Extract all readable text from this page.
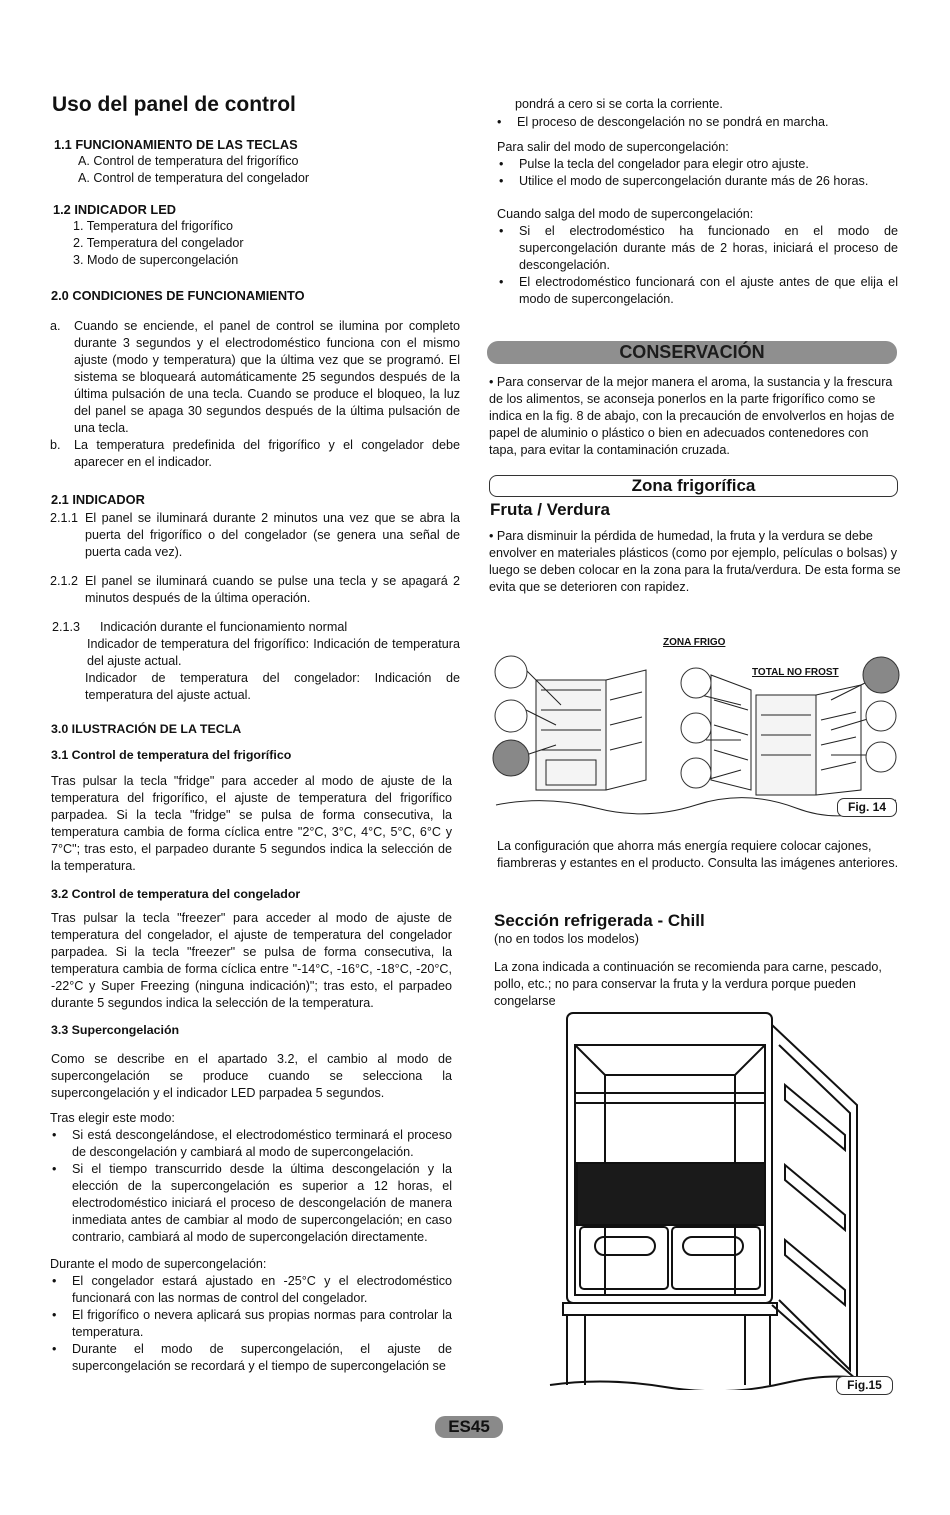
Uso del panel de control
1.1 FUNCIONAMIENTO DE LAS TECLAS
A. Control de temperatura del frigorífico
A. Control de temperatura del congelador
1.2 INDICADOR LED
1. Temperatura del frigorífico
2. Temperatura del congelador
3. Modo de supercongelación
2.0 CONDICIONES DE FUNCIONAMIENTO
a. Cuando se enciende, el panel de control se ilumina por completo durante 3 segundos y el electrodoméstico funciona con el mismo ajuste (modo y temperatura) que la última vez que se programó. El sistema se bloqueará automáticamente 25 segundos después de la última pulsación de una tecla. Cuando se produce el bloqueo, la luz del panel se apaga 30 segundos después de la última pulsación de una tecla.
b. La temperatura predefinida del frigorífico y el congelador debe aparecer en el indicador.
2.1 INDICADOR
2.1.1 El panel se iluminará durante 2 minutos una vez que se abra la puerta del frigorífico o del congelador (se genera una señal de puerta cada vez).
2.1.2 El panel se iluminará cuando se pulse una tecla y se apagará 2 minutos después de la última operación.
2.1.3 Indicación durante el funcionamiento normal
Indicador de temperatura del frigorífico: Indicación de temperatura del ajuste actual.
Indicador de temperatura del congelador: Indicación de temperatura del ajuste actual.
3.0 ILUSTRACIÓN DE LA TECLA
3.1 Control de temperatura del frigorífico
Tras pulsar la tecla "fridge" para acceder al modo de ajuste de la temperatura del frigorífico, el ajuste de temperatura del frigorífico parpadea. Si la tecla "fridge" se pulsa de forma consecutiva, la temperatura cambia de forma cíclica entre "2°C, 3°C, 4°C, 5°C, 6°C y 7°C"; tras esto, el parpadeo durante 5 segundos indica la selección de la temperatura.
3.2 Control de temperatura del congelador
Tras pulsar la tecla "freezer" para acceder al modo de ajuste de temperatura del congelador, el ajuste de temperatura del congelador parpadea. Si la tecla "freezer" se pulsa de forma consecutiva, la temperatura cambia de forma cíclica entre "-14°C, -16°C, -18°C, -20°C, -22°C y Super Freezing (ninguna indicación)"; tras esto, el parpadeo durante 5 segundos indica la selección de la temperatura.
3.3 Supercongelación
Como se describe en el apartado 3.2, el cambio al modo de supercongelación se produce cuando se selecciona la supercongelación y el indicador LED parpadea 5 segundos.
Tras elegir este modo:
• Si está descongelándose, el electrodoméstico terminará el proceso de descongelación y cambiará al modo de supercongelación.
• Si el tiempo transcurrido desde la última descongelación y la elección de la supercongelación es superior a 12 horas, el electrodoméstico iniciará el proceso de descongelación de manera inmediata antes de cambiar al modo de supercongelación; en caso contrario, cambiará al modo de supercongelación directamente.
Durante el modo de supercongelación:
• El congelador estará ajustado en -25°C y el electrodoméstico funcionará con las normas de control del congelador.
• El frigorífico o nevera aplicará sus propias normas para controlar la temperatura.
• Durante el modo de supercongelación, el ajuste de supercongelación se recordará y el tiempo de supercongelación se
pondrá a cero si se corta la corriente.
• El proceso de descongelación no se pondrá en marcha.
Para salir del modo de supercongelación:
• Pulse la tecla del congelador para elegir otro ajuste.
• Utilice el modo de supercongelación durante más de 26 horas.
Cuando salga del modo de supercongelación:
• Si el electrodoméstico ha funcionado en el modo de supercongelación durante más de 2 horas, iniciará el proceso de descongelación.
• El electrodoméstico funcionará con el ajuste antes de que elija el modo de supercongelación.
CONSERVACIÓN
• Para conservar de la mejor manera el aroma, la sustancia y la frescura de los alimentos, se aconseja ponerlos en la parte frigorífico como se indica en la fig. 8 de abajo, con la precaución de envolverlos en hojas de papel de aluminio o plástico o bien en adecuados contenedores con tapa, para evitar la contaminación cruzada.
Zona frigorífica
Fruta / Verdura
• Para disminuir la pérdida de humedad, la fruta y la verdura se debe envolver en materiales plásticos (como por ejemplo, películas o bolsas) y luego se deben colocar en la zona para la fruta/verdura. De esta forma se evita que se deterioren con rapidez.
ZONA FRIGO
TOTAL NO FROST
Fig. 14
La configuración que ahorra más energía requiere colocar cajones, fiambreras y estantes en el producto. Consulta las imágenes anteriores.
Sección refrigerada - Chill
(no en todos los modelos)
La zona indicada a continuación se recomienda para carne, pescado, pollo, etc.; no para conservar la fruta y la verdura porque pueden congelarse
Fig.15
ES45
